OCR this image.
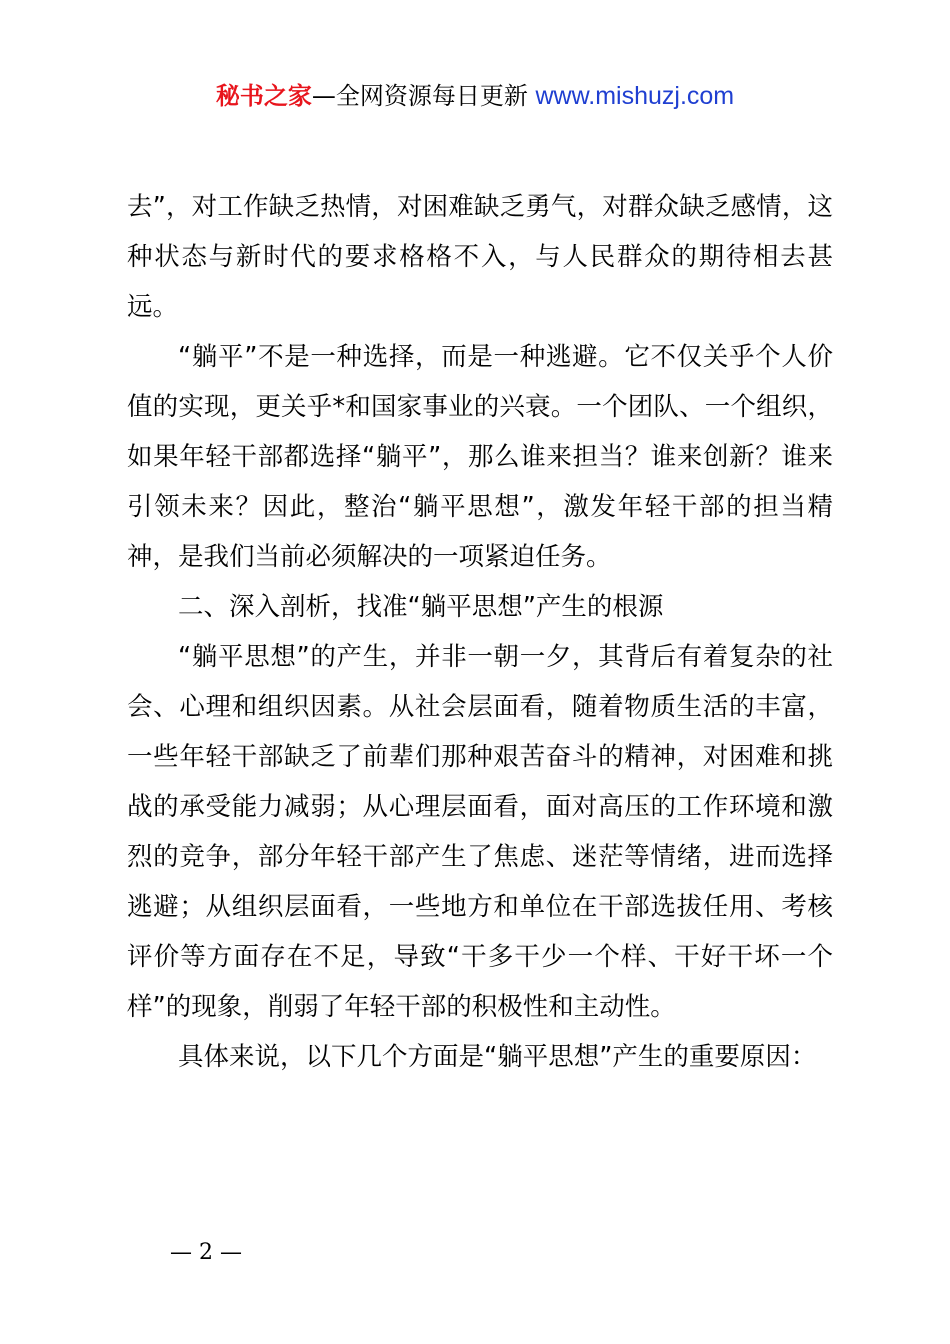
秘书之家—全网资源每日更新 www.mishuzj.com

去”，对工作缺乏热情，对困难缺乏勇气，对群众缺乏感情，这种状态与新时代的要求格格不入，与人民群众的期待相去甚远。

“躺平”不是一种选择，而是一种逃避。它不仅关乎个人价值的实现，更关乎*和国家事业的兴衰。一个团队、一个组织，如果年轻干部都选择“躺平”，那么谁来担当？谁来创新？谁来引领未来？因此，整治“躺平思想”，激发年轻干部的担当精神，是我们当前必须解决的一项紧迫任务。

二、深入剖析，找准“躺平思想”产生的根源

“躺平思想”的产生，并非一朝一夕，其背后有着复杂的社会、心理和组织因素。从社会层面看，随着物质生活的丰富，一些年轻干部缺乏了前辈们那种艰苦奋斗的精神，对困难和挑战的承受能力减弱；从心理层面看，面对高压的工作环境和激烈的竞争，部分年轻干部产生了焦虑、迷茫等情绪，进而选择逃避；从组织层面看，一些地方和单位在干部选拔任用、考核评价等方面存在不足，导致“干多干少一个样、干好干坏一个样”的现象，削弱了年轻干部的积极性和主动性。

具体来说，以下几个方面是“躺平思想”产生的重要原因：

— 2 —
